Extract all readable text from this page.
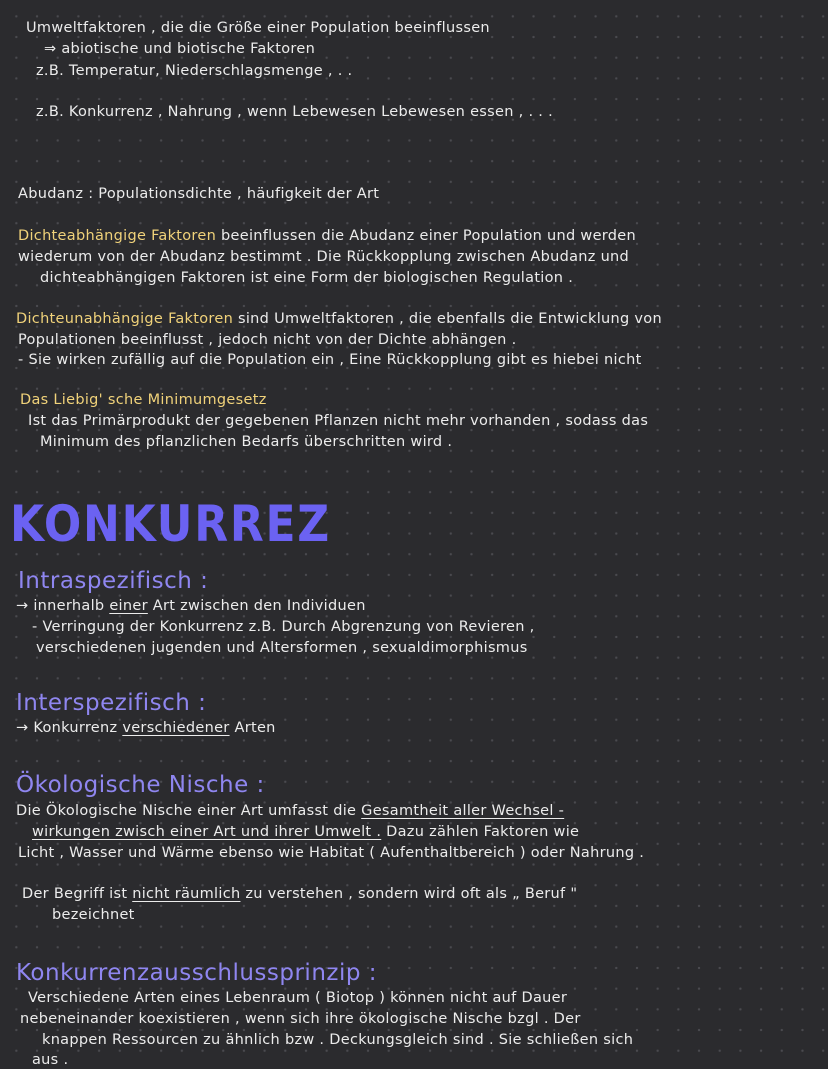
Umweltfaktoren , die die Größe einer Population beeinflussen
⇒ abiotische und biotische Faktoren
z.B. Temperatur, Niederschlagsmenge , . .
z.B. Konkurrenz , Nahrung , wenn Lebewesen Lebewesen essen , . . .
Abudanz : Populationsdichte , häufigkeit der Art
Dichteabhängige Faktoren beeinflussen die Abudanz einer Population und werden
wiederum von der Abudanz bestimmt . Die Rückkopplung zwischen Abudanz und
dichteabhängigen Faktoren ist eine Form der biologischen Regulation .
Dichteunabhängige Faktoren sind Umweltfaktoren , die ebenfalls die Entwicklung von
Populationen beeinflusst , jedoch nicht von der Dichte abhängen .
- Sie wirken zufällig auf die Population ein , Eine Rückkopplung gibt es hiebei nicht
Das Liebig' sche Minimumgesetz
Ist das Primärprodukt der gegebenen Pflanzen nicht mehr vorhanden , sodass das
Minimum des pflanzlichen Bedarfs überschritten wird .
KONKURREZ
Intraspezifisch :
→ innerhalb einer Art zwischen den Individuen
- Verringung der Konkurrenz z.B. Durch Abgrenzung von Revieren ,
verschiedenen jugenden und Altersformen , sexualdimorphismus
Interspezifisch :
→ Konkurrenz verschiedener Arten
Ökologische Nische :
Die Ökologische Nische einer Art umfasst die Gesamtheit aller Wechsel -
wirkungen zwisch einer Art und ihrer Umwelt . Dazu zählen Faktoren wie
Licht , Wasser und Wärme ebenso wie Habitat ( Aufenthaltbereich ) oder Nahrung .
Der Begriff ist nicht räumlich zu verstehen , sondern wird oft als „ Beruf "
bezeichnet
Konkurrenzausschlussprinzip :
Verschiedene Arten eines Lebenraum ( Biotop ) können nicht auf Dauer
nebeneinander koexistieren , wenn sich ihre ökologische Nische bzgl . Der
knappen Ressourcen zu ähnlich bzw . Deckungsgleich sind . Sie schließen sich
aus .
